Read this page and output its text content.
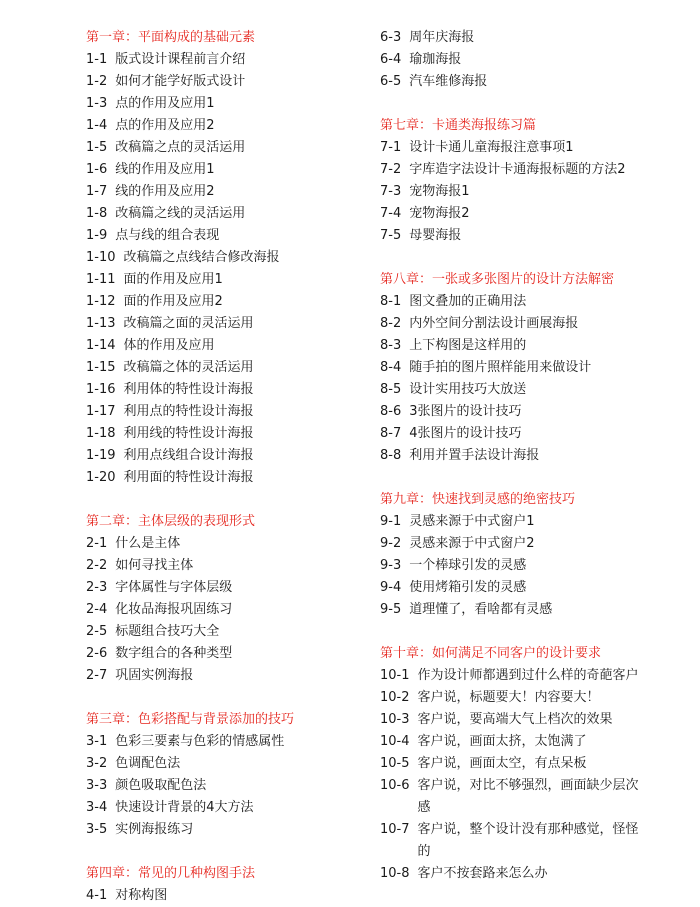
第一章：平面构成的基础元素
1-1 版式设计课程前言介绍
1-2 如何才能学好版式设计
1-3 点的作用及应用1
1-4 点的作用及应用2
1-5 改稿篇之点的灵活运用
1-6 线的作用及应用1
1-7 线的作用及应用2
1-8 改稿篇之线的灵活运用
1-9 点与线的组合表现
1-10 改稿篇之点线结合修改海报
1-11 面的作用及应用1
1-12 面的作用及应用2
1-13 改稿篇之面的灵活运用
1-14 体的作用及应用
1-15 改稿篇之体的灵活运用
1-16 利用体的特性设计海报
1-17 利用点的特性设计海报
1-18 利用线的特性设计海报
1-19 利用点线组合设计海报
1-20 利用面的特性设计海报
第二章：主体层级的表现形式
2-1 什么是主体
2-2 如何寻找主体
2-3 字体属性与字体层级
2-4 化妆品海报巩固练习
2-5 标题组合技巧大全
2-6 数字组合的各种类型
2-7 巩固实例海报
第三章：色彩搭配与背景添加的技巧
3-1 色彩三要素与色彩的情感属性
3-2 色调配色法
3-3 颜色吸取配色法
3-4 快速设计背景的4大方法
3-5 实例海报练习
第四章：常见的几种构图手法
4-1 对称构图
6-3 周年庆海报
6-4 瑜珈海报
6-5 汽车维修海报
第七章：卡通类海报练习篇
7-1 设计卡通儿童海报注意事项1
7-2 字库造字法设计卡通海报标题的方法2
7-3 宠物海报1
7-4 宠物海报2
7-5 母婴海报
第八章：一张或多张图片的设计方法解密
8-1 图文叠加的正确用法
8-2 内外空间分割法设计画展海报
8-3 上下构图是这样用的
8-4 随手拍的图片照样能用来做设计
8-5 设计实用技巧大放送
8-6 3张图片的设计技巧
8-7 4张图片的设计技巧
8-8 利用并置手法设计海报
第九章：快速找到灵感的绝密技巧
9-1 灵感来源于中式窗户1
9-2 灵感来源于中式窗户2
9-3 一个棒球引发的灵感
9-4 使用烤箱引发的灵感
9-5 道理懂了，看啥都有灵感
第十章：如何满足不同客户的设计要求
10-1 作为设计师都遇到过什么样的奇葩客户
10-2 客户说，标题要大！内容要大！
10-3 客户说，要高端大气上档次的效果
10-4 客户说，画面太挤，太饱满了
10-5 客户说，画面太空，有点呆板
10-6 客户说，对比不够强烈，画面缺少层次感
10-7 客户说，整个设计没有那种感觉，怪怪的
10-8 客户不按套路来怎么办
